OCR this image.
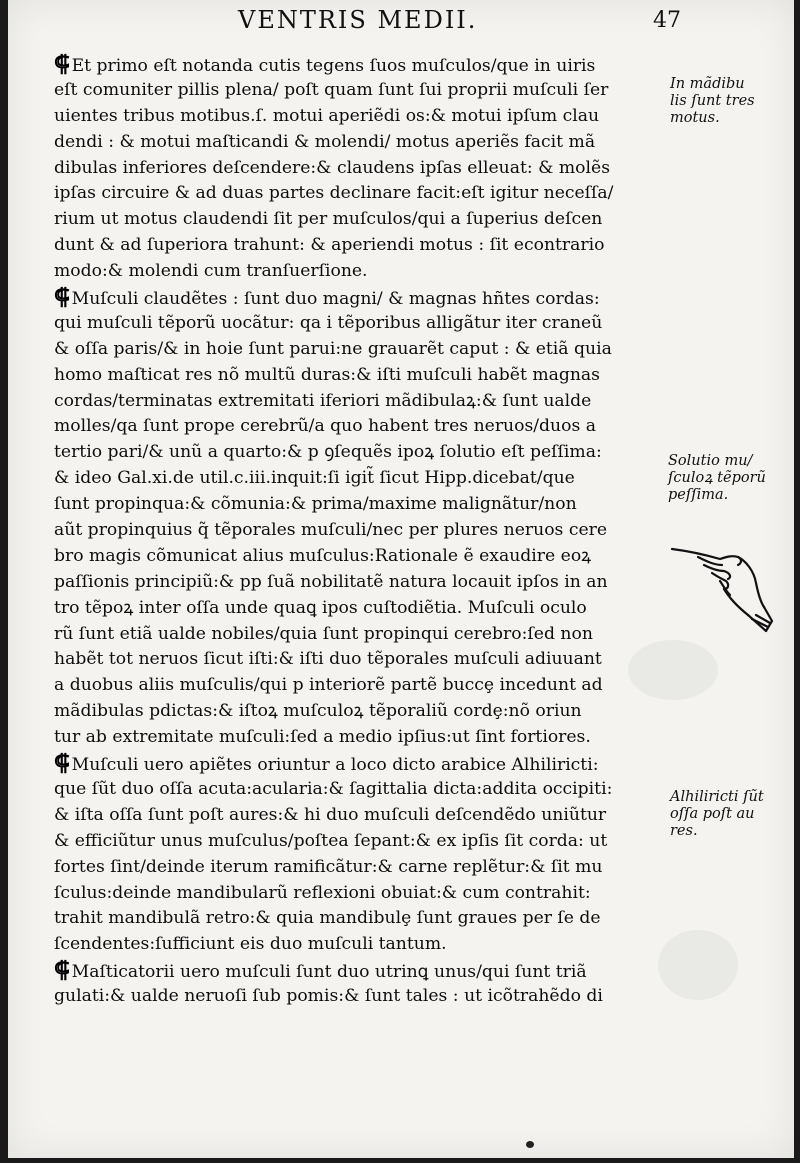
VENTRIS MEDII.	47
⸿ Et primo eſt notanda cutis tegens ſuos muſculos/que in uiris
eſt comuniter pillis plena/ poſt quam ſunt ſui proprii muſculi ſer
uientes tribus motibus.ſ. motui aperiẽdi os:& motui ipſum clau
dendi : & motui maſticandi & molendi/ motus aperiẽs facit mã
dibulas inferiores deſcendere:& claudens ipſas elleuat: & molẽs
ipſas circuire & ad duas partes declinare facit:eſt igitur neceſſa/
rium ut motus claudendi ſit per muſculos/qui a ſuperius deſcen
dunt & ad ſuperiora trahunt: & aperiendi motus : ſit econtrario
modo:& molendi cum tranſuerſione.
⸿ Muſculi claudẽtes : ſunt duo magni/ & magnas hñtes cordas:
qui muſculi tẽporũ uocãtur: qa i tẽporibus alligãtur iter craneũ
& oſſa paris/& in hoie ſunt parui:ne grauarẽt caput : & etiã quia
homo maſticat res nõ multũ duras:& iſti muſculi habẽt magnas
cordas/terminatas extremitati iferiori mãdibulaꝝ:& ſunt ualde
molles/qa ſunt prope cerebrũ/a quo habent tres neruos/duos a
tertio pari/& unũ a quarto:& p ꝯſequẽs ipoꝝ ſolutio eſt peſſima:
& ideo Gal.xi.de util.c.iii.inquit:ſi igit̃ ſicut Hipp.dicebat/que
ſunt propinqua:& cõmunia:& prima/maxime malignãtur/non
aũt propinquius q̃ tẽporales muſculi/nec per plures neruos cere
bro magis cõmunicat alius muſculus:Rationale ẽ exaudire eoꝝ
paſſionis principiũ:& pp ſuã nobilitatẽ natura locauit ipſos in an
tro tẽpoꝝ inter oſſa unde quaꝗ ipos cuſtodiẽtia. Muſculi oculo
rũ ſunt etiã ualde nobiles/quia ſunt propinqui cerebro:ſed non
habẽt tot neruos ſicut iſti:& iſti duo tẽporales muſculi adiuuant
a duobus aliis muſculis/qui p interiorẽ partẽ buccȩ incedunt ad
mãdibulas pdictas:& iſtoꝝ muſculoꝝ tẽporaliũ cordȩ:nõ oriun
tur ab extremitate muſculi:ſed a medio ipſius:ut ſint fortiores.
⸿ Muſculi uero apiẽtes oriuntur a loco dicto arabice Alhiliricti:
que ſũt duo oſſa acuta:acularia:& ſagittalia dicta:addita occipiti:
& iſta oſſa ſunt poſt aures:& hi duo muſculi deſcendẽdo uniũtur
& efficiũtur unus muſculus/poſtea ſepant:& ex ipſis ſit corda: ut
fortes ſint/deinde iterum ramificãtur:& carne replẽtur:& ſit mu
ſculus:deinde mandibularũ reflexioni obuiat:& cum contrahit:
trahit mandibulã retro:& quia mandibulȩ ſunt graues per ſe de
ſcendentes:ſufficiunt eis duo muſculi tantum.
⸿ Maſticatorii uero muſculi ſunt duo utrinꝗ unus/qui ſunt triã
gulati:& ualde neruoſi ſub pomis:& ſunt tales : ut icõtrahẽdo di
In mãdibu
lis ſunt tres
motus.
Solutio mu/
ſculoꝝ tẽporũ
peſſima.
Alhiliricti ſũt
oſſa poſt au
res.
